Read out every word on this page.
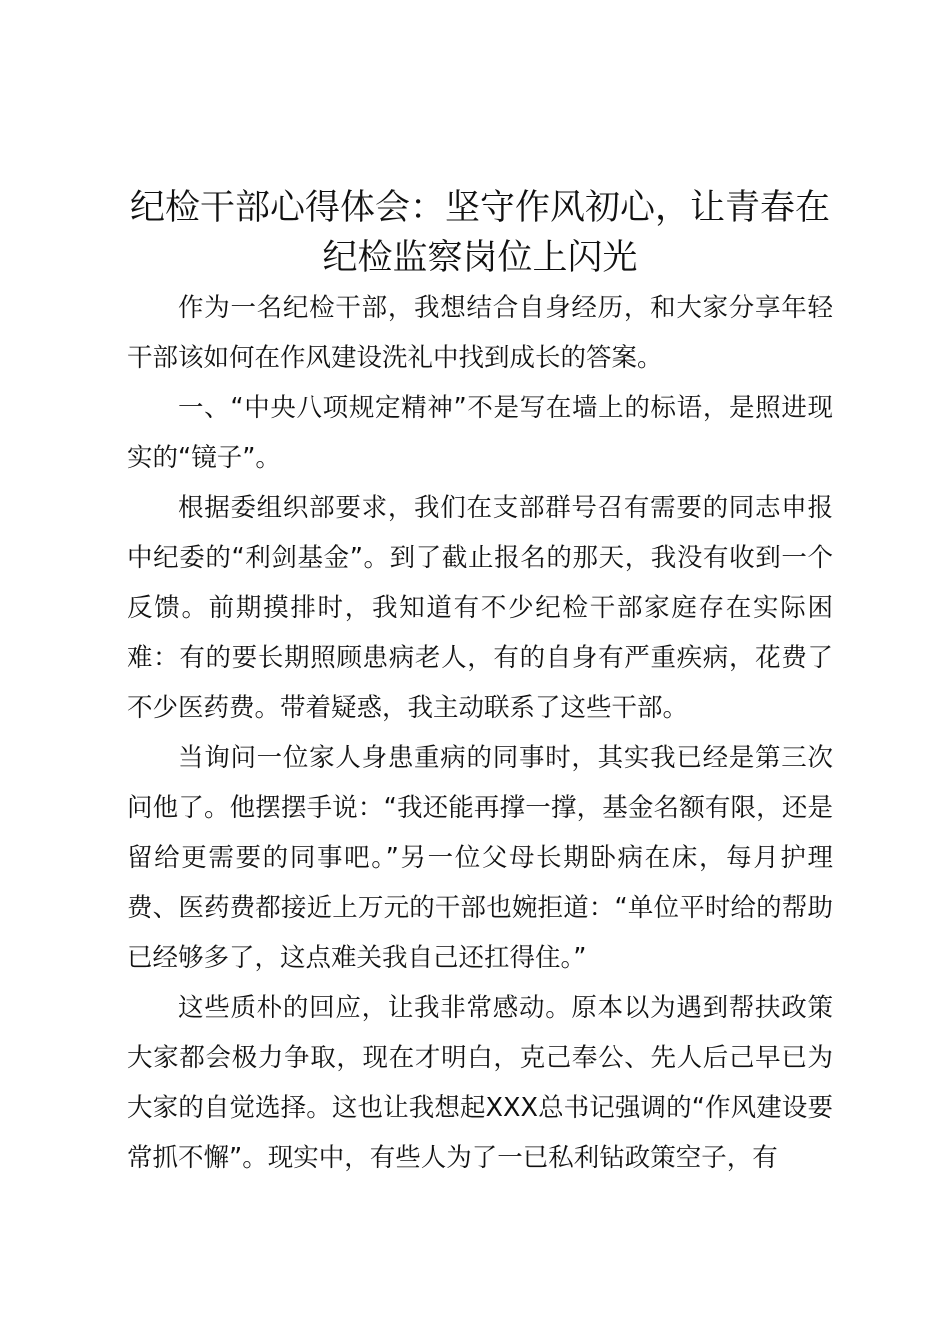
纪检干部心得体会：坚守作风初心，让青春在纪检监察岗位上闪光

作为一名纪检干部，我想结合自身经历，和大家分享年轻干部该如何在作风建设洗礼中找到成长的答案。

一、“中央八项规定精神”不是写在墙上的标语，是照进现实的“镜子”。

根据委组织部要求，我们在支部群号召有需要的同志申报中纪委的“利剑基金”。到了截止报名的那天，我没有收到一个反馈。前期摸排时，我知道有不少纪检干部家庭存在实际困难：有的要长期照顾患病老人，有的自身有严重疾病，花费了不少医药费。带着疑惑，我主动联系了这些干部。

当询问一位家人身患重病的同事时，其实我已经是第三次问他了。他摆摆手说：“我还能再撑一撑，基金名额有限，还是留给更需要的同事吧。”另一位父母长期卧病在床，每月护理费、医药费都接近上万元的干部也婉拒道：“单位平时给的帮助已经够多了，这点难关我自己还扛得住。”

这些质朴的回应，让我非常感动。原本以为遇到帮扶政策大家都会极力争取，现在才明白，克己奉公、先人后己早已为大家的自觉选择。这也让我想起XXX总书记强调的“作风建设要常抓不懈”。现实中，有些人为了一已私利钻政策空子，有
